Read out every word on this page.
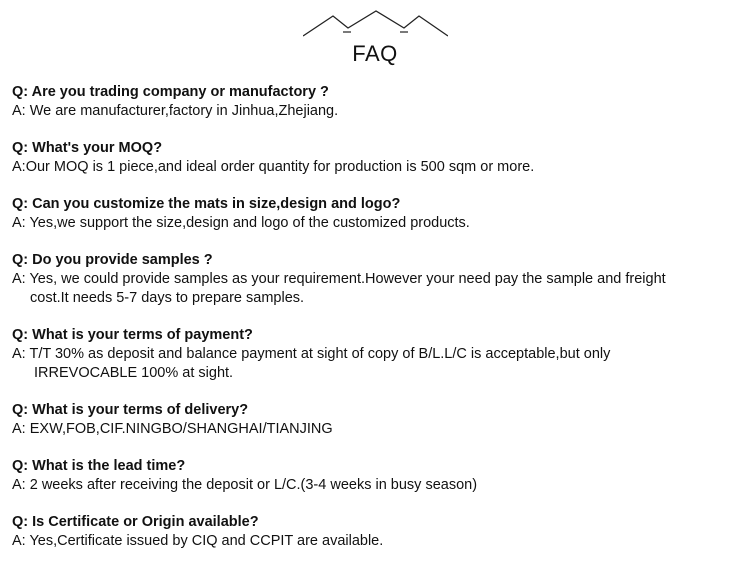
FAQ
Q: Are you trading company or manufactory ?
A: We are manufacturer,factory in Jinhua,Zhejiang.
Q: What's your MOQ?
A:Our MOQ is 1 piece,and ideal order quantity for production is 500 sqm or more.
Q: Can you customize the mats in size,design and logo?
A: Yes,we support the size,design and logo of the customized products.
Q: Do you provide samples ?
A: Yes, we could provide samples as your requirement.However your need pay the sample and freight
cost.It needs 5-7 days to prepare samples.
Q: What is your terms of payment?
A: T/T 30% as deposit and balance payment at sight of copy of B/L.L/C is acceptable,but only
IRREVOCABLE 100% at sight.
Q: What is your terms of delivery?
A: EXW,FOB,CIF.NINGBO/SHANGHAI/TIANJING
Q: What is the lead time?
A: 2 weeks after receiving the deposit or L/C.(3-4 weeks in busy season)
Q: Is Certificate or Origin available?
A: Yes,Certificate issued by CIQ and CCPIT are available.
